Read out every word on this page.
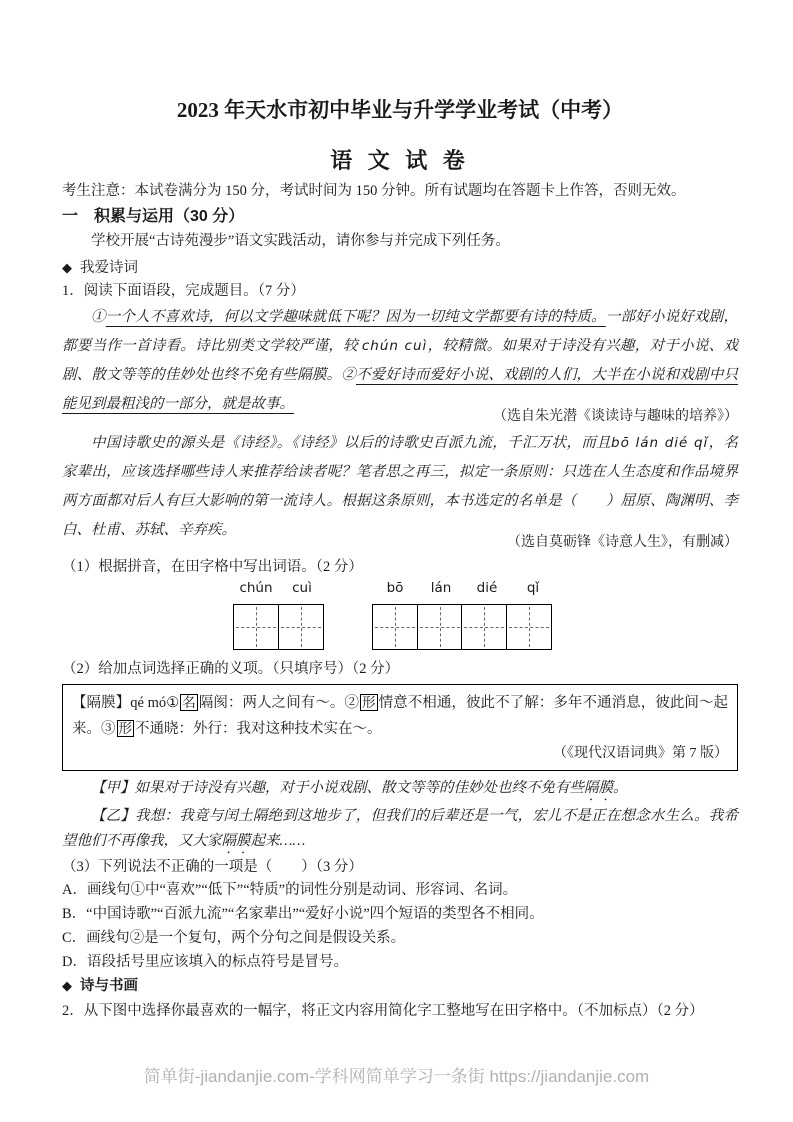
2023 年天水市初中毕业与升学学业考试（中考）
语 文 试 卷

考生注意：本试卷满分为 150 分，考试时间为 150 分钟。所有试题均在答题卡上作答，否则无效。

一　积累与运用（30 分）

学校开展“古诗苑漫步”语文实践活动，请你参与并完成下列任务。

◆ 我爱诗词

1．阅读下面语段，完成题目。（7 分）

①一个人不喜欢诗，何以文学趣味就低下呢？因为一切纯文学都要有诗的特质。一部好小说好戏剧，都要当作一首诗看。诗比别类文学较严谨，较 chún cuì，较精微。如果对于诗没有兴趣，对于小说、戏剧、散文等等的佳妙处也终不免有些隔膜。②不爱好诗而爱好小说、戏剧的人们，大半在小说和戏剧中只能见到最粗浅的一部分，就是故事。

（选自朱光潜《谈读诗与趣味的培养》）

中国诗歌史的源头是《诗经》。《诗经》以后的诗歌史百派九流，千汇万状，而且bō lán dié qǐ，名家辈出，应该选择哪些诗人来推荐给读者呢？笔者思之再三，拟定一条原则：只选在人生态度和作品境界两方面都对后人有巨大影响的第一流诗人。根据这条原则，本书选定的名单是（　　）屈原、陶渊明、李白、杜甫、苏轼、辛弃疾。

（选自莫砺锋《诗意人生》，有删减）

（1）根据拼音，在田字格中写出词语。（2 分）

chún	cuì	bō	lán	dié	qǐ

（2）给加点词选择正确的义项。（只填序号）（2 分）

【隔膜】qé mó① 名 隔阂：两人之间有～。② 形 情意不相通，彼此不了解：多年不通消息，彼此间～起来。③ 形 不通晓：外行：我对这种技术实在～。

（《现代汉语词典》第 7 版）

【甲】如果对于诗没有兴趣，对于小说戏剧、散文等等的佳妙处也终不免有些隔膜。

【乙】我想：我竟与闰土隔绝到这地步了，但我们的后辈还是一气，宏儿不是正在想念水生么。我希望他们不再像我，又大家隔膜起来……

（3）下列说法不正确的一项是（　　）（3 分）

A．画线句①中“喜欢”“低下”“特质”的词性分别是动词、形容词、名词。

B．“中国诗歌”“百派九流”“名家辈出”“爱好小说”四个短语的类型各不相同。

C．画线句②是一个复句，两个分句之间是假设关系。

D．语段括号里应该填入的标点符号是冒号。

◆ 诗与书画

2．从下图中选择你最喜欢的一幅字，将正文内容用简化字工整地写在田字格中。（不加标点）（2 分）

简单街-jiandanjie.com-学科网简单学习一条街 https://jiandanjie.com
